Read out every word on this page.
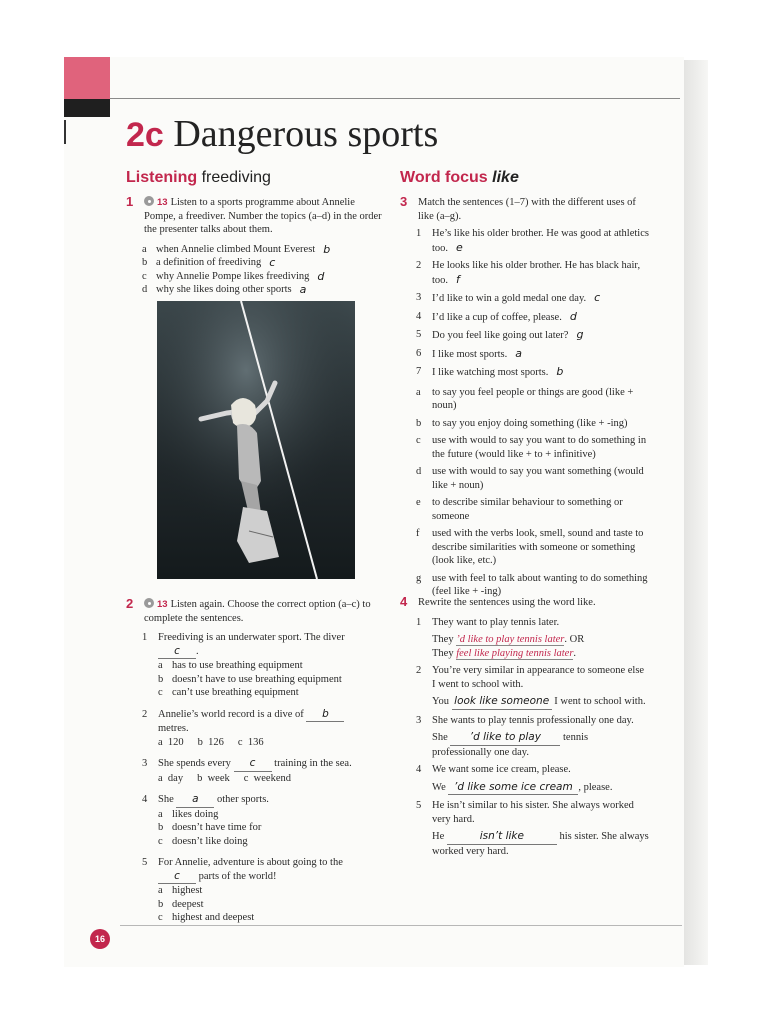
2c Dangerous sports
Listening freediving
1	13 Listen to a sports programme about Annelie Pompe, a freediver. Number the topics (a–d) in the order the presenter talks about them.
a when Annelie climbed Mount Everest b
b a definition of freediving c
c why Annelie Pompe likes freediving d
d why she likes doing other sports a
2	13 Listen again. Choose the correct option (a–c) to complete the sentences.
1	Freediving is an underwater sport. The diver
c .
a has to use breathing equipment
b doesn’t have to use breathing equipment
c can’t use breathing equipment
2	Annelie’s world record is a dive of b
metres.
a  120 b  126 c  136
3	She spends every c training in the sea.
a  day b  week c  weekend
4	She a other sports.
a likes doing
b doesn’t have time for
c doesn’t like doing
5	For Annelie, adventure is about going to the
c parts of the world!
a highest
b deepest
c highest and deepest
Word focus like
3 Match the sentences (1–7) with the different uses of like (a–g).
1	He’s like his older brother. He was good at athletics too. e
2	He looks like his older brother. He has black hair, too. f
3	I’d like to win a gold medal one day. c
4	I’d like a cup of coffee, please. d
5	Do you feel like going out later? g
6	I like most sports. a
7	I like watching most sports. b
a	to say you feel people or things are good (like + noun)
b	to say you enjoy doing something (like + -ing)
c	use with would to say you want to do something in the future (would like + to + infinitive)
d	use with would to say you want something (would like + noun)
e	to describe similar behaviour to something or someone
f	used with the verbs look, smell, sound and taste to describe similarities with someone or something (look like, etc.)
g	use with feel to talk about wanting to do something (feel like + -ing)
4 Rewrite the sentences using the word like.
1	They want to play tennis later.
They ’d like to play tennis later. OR
They feel like playing tennis later.
2	You’re very similar in appearance to someone else I went to school with.
You look like someone I went to school with.
3	She wants to play tennis professionally one day.
She ’d like to play tennis professionally one day.
4	We want some ice cream, please.
We ’d like some ice cream , please.
5	He isn’t similar to his sister. She always worked very hard.
He	isn’t like	his sister. She always worked very hard.
16
